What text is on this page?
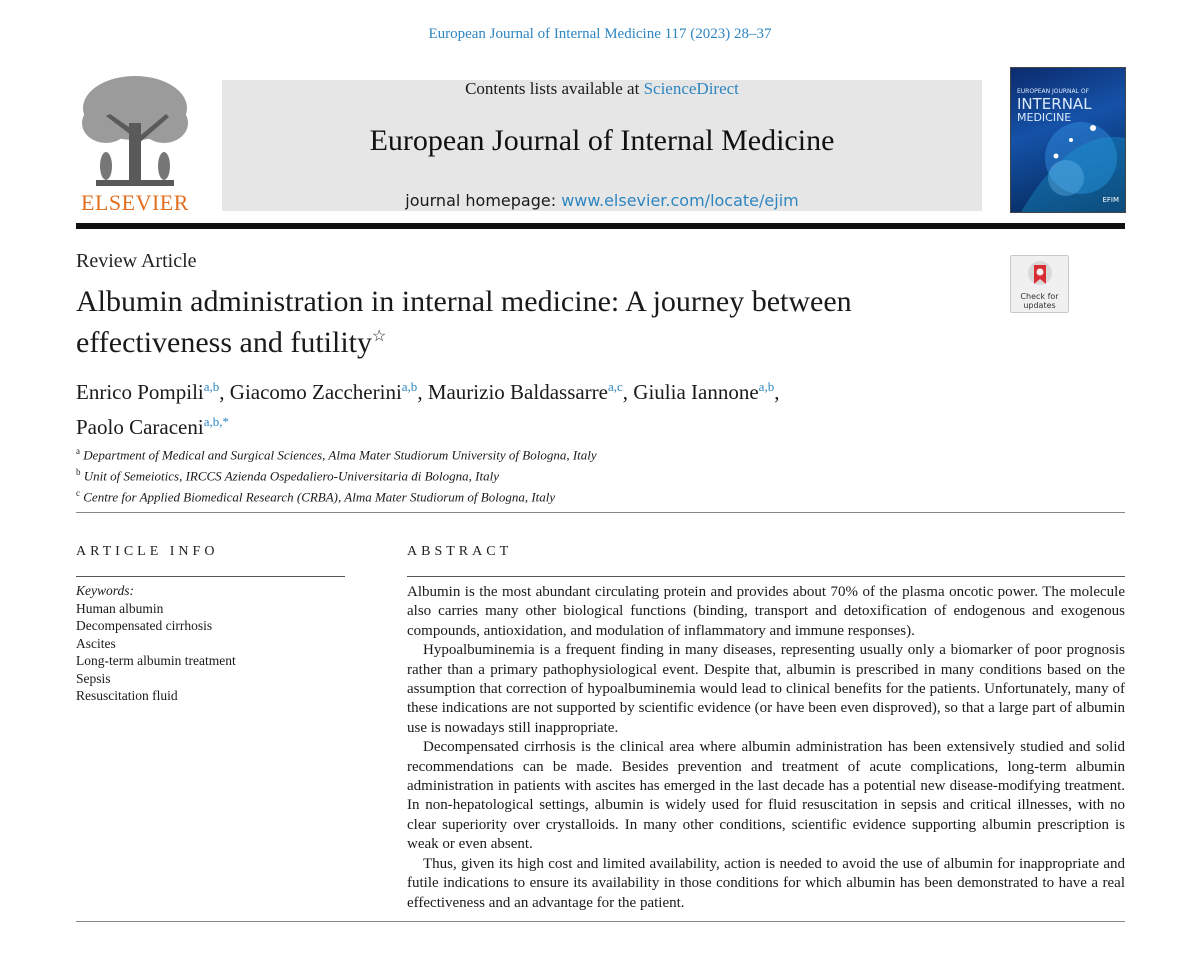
European Journal of Internal Medicine 117 (2023) 28–37
ELSEVIER
Contents lists available at ScienceDirect
European Journal of Internal Medicine
journal homepage: www.elsevier.com/locate/ejim
EUROPEAN JOURNAL OF
INTERNAL
MEDICINE
EFIM
Review Article
Check for
updates
Albumin administration in internal medicine: A journey between effectiveness and futility☆
Enrico Pompili$^{a,b}$, Giacomo Zaccherini$^{a,b}$, Maurizio Baldassarre$^{a,c}$, Giulia Iannone$^{a,b}$,
Paolo Caraceni$^{a,b,*}$
$^a$ Department of Medical and Surgical Sciences, Alma Mater Studiorum University of Bologna, Italy
$^b$ Unit of Semeiotics, IRCCS Azienda Ospedaliero-Universitaria di Bologna, Italy
$^c$ Centre for Applied Biomedical Research (CRBA), Alma Mater Studiorum of Bologna, Italy
ARTICLE INFO
Keywords:
Human albumin
Decompensated cirrhosis
Ascites
Long-term albumin treatment
Sepsis
Resuscitation fluid
ABSTRACT

Albumin is the most abundant circulating protein and provides about 70% of the plasma oncotic power. The molecule also carries many other biological functions (binding, transport and detoxification of endogenous and exogenous compounds, antioxidation, and modulation of inflammatory and immune responses).

Hypoalbuminemia is a frequent finding in many diseases, representing usually only a biomarker of poor prognosis rather than a primary pathophysiological event. Despite that, albumin is prescribed in many conditions based on the assumption that correction of hypoalbuminemia would lead to clinical benefits for the patients. Unfortunately, many of these indications are not supported by scientific evidence (or have been even disproved), so that a large part of albumin use is nowadays still inappropriate.

Decompensated cirrhosis is the clinical area where albumin administration has been extensively studied and solid recommendations can be made. Besides prevention and treatment of acute complications, long-term albumin administration in patients with ascites has emerged in the last decade has a potential new disease-modifying treatment. In non-hepatological settings, albumin is widely used for fluid resuscitation in sepsis and critical illnesses, with no clear superiority over crystalloids. In many other conditions, scientific evidence supporting albumin prescription is weak or even absent.

Thus, given its high cost and limited availability, action is needed to avoid the use of albumin for inappropriate and futile indications to ensure its availability in those conditions for which albumin has been demonstrated to have a real effectiveness and an advantage for the patient.
